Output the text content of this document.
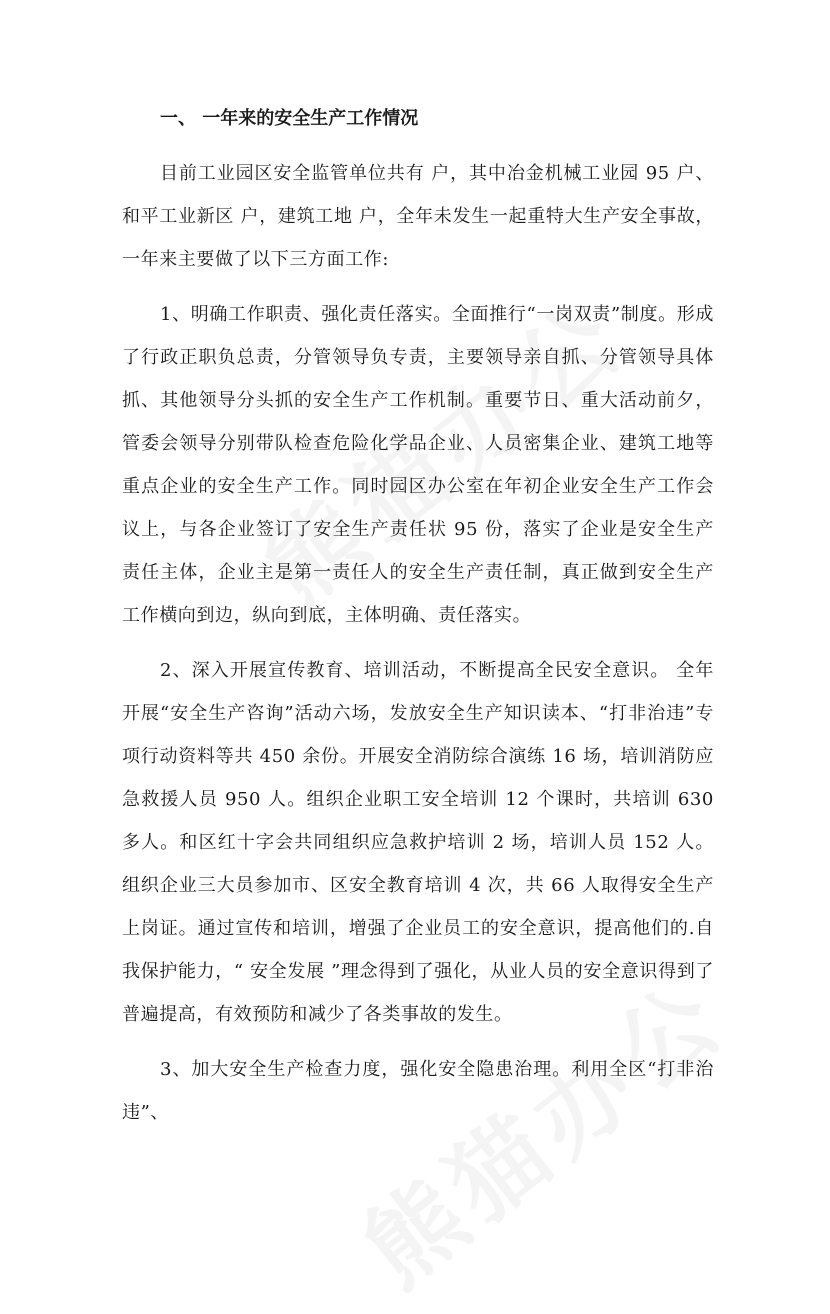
一、 一年来的安全生产工作情况

目前工业园区安全监管单位共有 户，其中冶金机械工业园 95 户、和平工业新区 户，建筑工地 户，全年未发生一起重特大生产安全事故，一年来主要做了以下三方面工作:

1、明确工作职责、强化责任落实。全面推行“一岗双责”制度。形成了行政正职负总责，分管领导负专责，主要领导亲自抓、分管领导具体抓、其他领导分头抓的安全生产工作机制。重要节日、重大活动前夕，管委会领导分别带队检查危险化学品企业、人员密集企业、建筑工地等重点企业的安全生产工作。同时园区办公室在年初企业安全生产工作会议上，与各企业签订了安全生产责任状 95 份，落实了企业是安全生产责任主体，企业主是第一责任人的安全生产责任制，真正做到安全生产工作横向到边，纵向到底，主体明确、责任落实。

2、深入开展宣传教育、培训活动，不断提高全民安全意识。 全年开展“安全生产咨询”活动六场，发放安全生产知识读本、“打非治违”专项行动资料等共 450 余份。开展安全消防综合演练 16 场，培训消防应急救援人员 950 人。组织企业职工安全培训 12 个课时，共培训 630 多人。和区红十字会共同组织应急救护培训 2 场，培训人员 152 人。组织企业三大员参加市、区安全教育培训 4 次，共 66 人取得安全生产上岗证。通过宣传和培训，增强了企业员工的安全意识，提高他们的.自我保护能力，“ 安全发展 ”理念得到了强化，从业人员的安全意识得到了普遍提高，有效预防和减少了各类事故的发生。

3、加大安全生产检查力度，强化安全隐患治理。利用全区“打非治违”、
